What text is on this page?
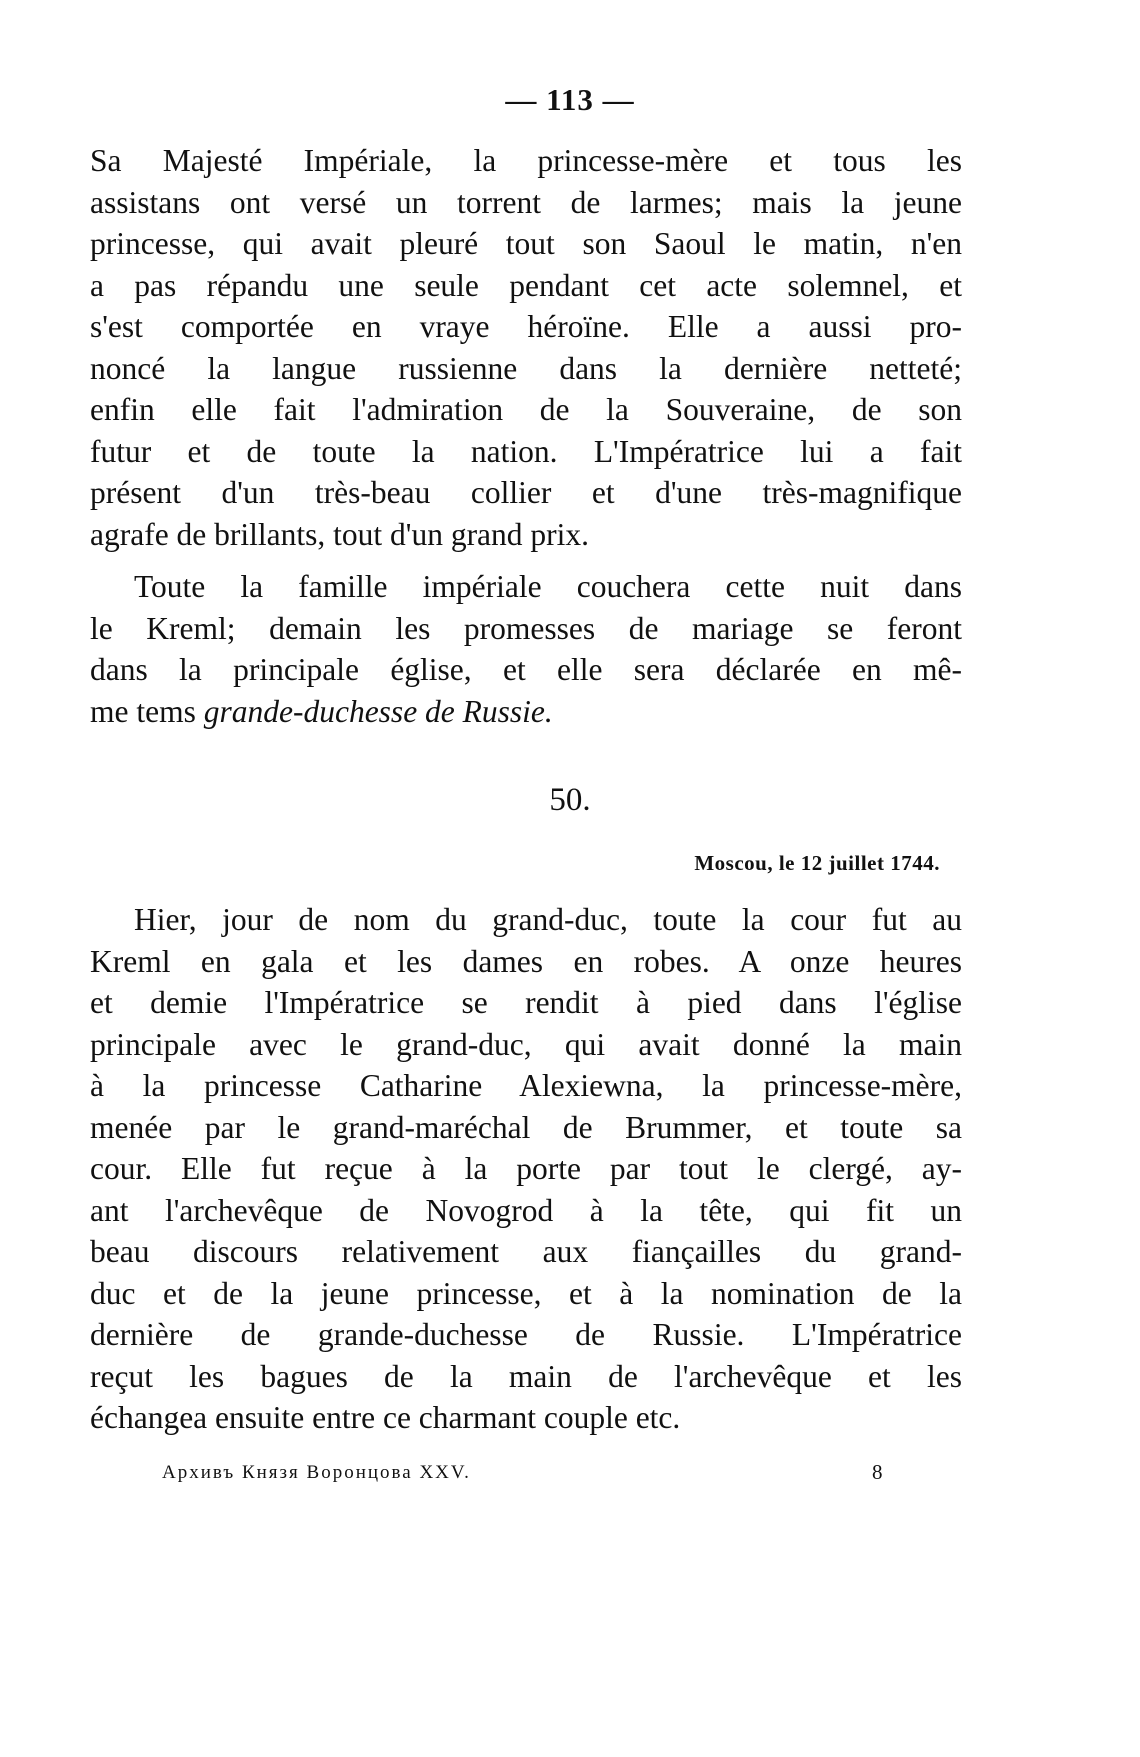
— 113 —
Sa Majesté Impériale, la princesse-mère et tous les
assistans ont versé un torrent de larmes; mais la jeune
princesse, qui avait pleuré tout son Saoul le matin, n'en
a pas répandu une seule pendant cet acte solemnel, et
s'est comportée en vraye héroïne. Elle a aussi pro-
noncé la langue russienne dans la dernière netteté;
enfin elle fait l'admiration de la Souveraine, de son
futur et de toute la nation. L'Impératrice lui a fait
présent d'un très-beau collier et d'une très-magnifique
agrafe de brillants, tout d'un grand prix.
Toute la famille impériale couchera cette nuit dans
le Kreml; demain les promesses de mariage se feront
dans la principale église, et elle sera déclarée en mê-
me tems grande-duchesse de Russie.
50.
Moscou, le 12 juillet 1744.
Hier, jour de nom du grand-duc, toute la cour fut au
Kreml en gala et les dames en robes. A onze heures
et demie l'Impératrice se rendit à pied dans l'église
principale avec le grand-duc, qui avait donné la main
à la princesse Catharine Alexiewna, la princesse-mère,
menée par le grand-maréchal de Brummer, et toute sa
cour. Elle fut reçue à la porte par tout le clergé, ay-
ant l'archevêque de Novogrod à la tête, qui fit un
beau discours relativement aux fiançailles du grand-
duc et de la jeune princesse, et à la nomination de la
dernière de grande-duchesse de Russie. L'Impératrice
reçut les bagues de la main de l'archevêque et les
échangea ensuite entre ce charmant couple etc.
Архивъ Князя Воронцова XXV.	8
